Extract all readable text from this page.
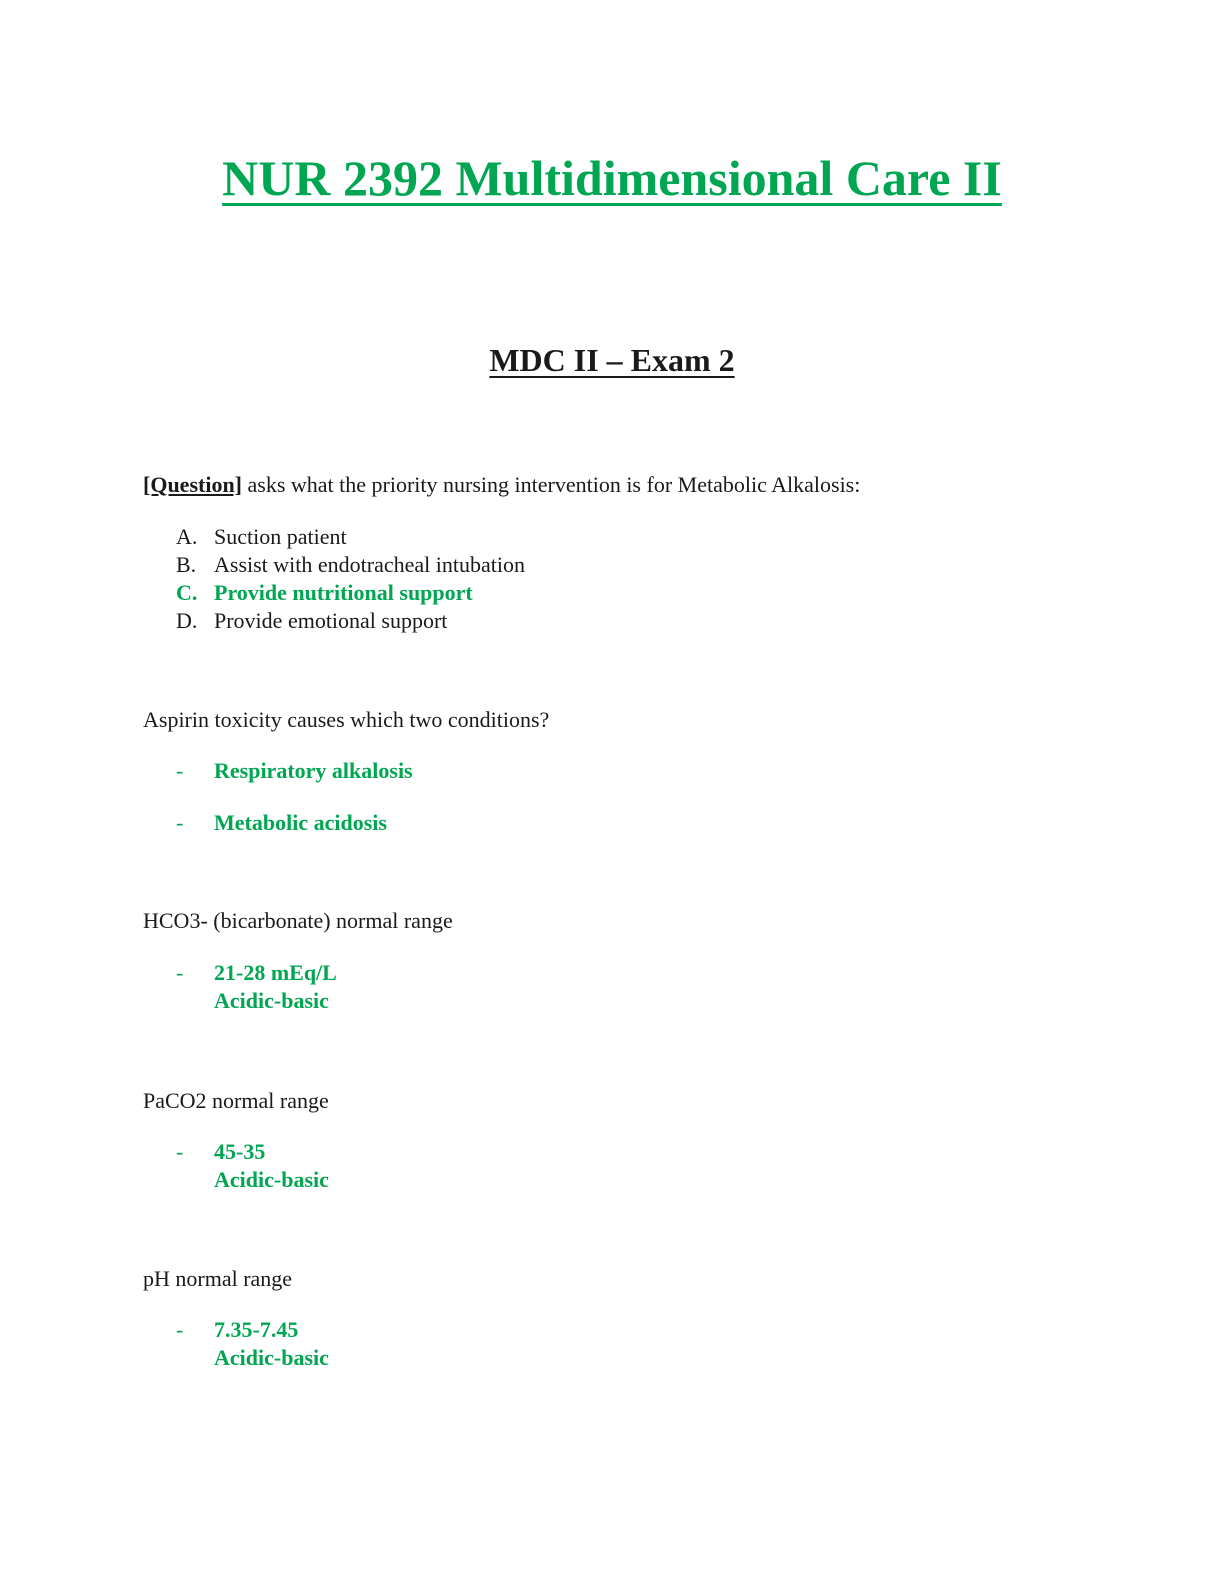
NUR 2392 Multidimensional Care II
MDC II – Exam 2

[Question] asks what the priority nursing intervention is for Metabolic Alkalosis:

A. Suction patient
B. Assist with endotracheal intubation
C. Provide nutritional support
D. Provide emotional support

Aspirin toxicity causes which two conditions?

-	Respiratory alkalosis
-	Metabolic acidosis

HCO3- (bicarbonate) normal range

-	21-28 mEq/L
Acidic-basic

PaCO2 normal range

-	45-35
Acidic-basic

pH normal range

-	7.35-7.45
Acidic-basic
